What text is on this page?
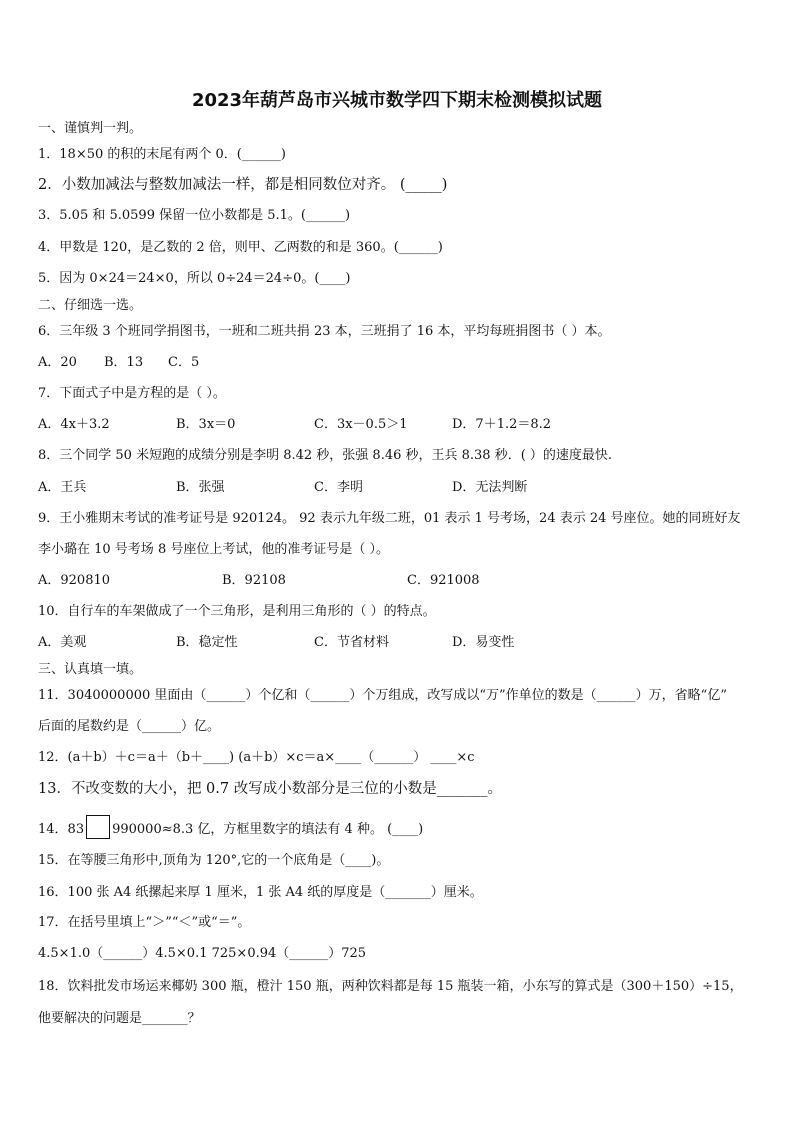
2023年葫芦岛市兴城市数学四下期末检测模拟试题
一、谨慎判一判。
1．18×50 的积的末尾有两个 0．(______)
2．小数加减法与整数加减法一样，都是相同数位对齐。 (_____)
3．5.05 和 5.0599 保留一位小数都是 5.1。(______)
4．甲数是 120，是乙数的 2 倍，则甲、乙两数的和是 360。(______)
5．因为 0×24＝24×0，所以 0÷24＝24÷0。(____)
二、仔细选一选。
6．三年级 3 个班同学捐图书，一班和二班共捐 23 本，三班捐了 16 本，平均每班捐图书（ ）本。
A．20 B．13 C．5
7．下面式子中是方程的是（ ）。
A．4x＋3.2	B．3x＝0	C．3x－0.5＞1	D．7＋1.2＝8.2
8．三个同学 50 米短跑的成绩分别是李明 8.42 秒，张强 8.46 秒，王兵 8.38 秒．( ）的速度最快.
A．王兵	B．张强	C．李明	D．无法判断
9．王小雅期末考试的准考证号是 920124。 92 表示九年级二班，01 表示 1 号考场，24 表示 24 号座位。她的同班好友
李小璐在 10 号考场 8 号座位上考试，他的准考证号是（ ）。
A．920810	B．92108	C．921008
10．自行车的车架做成了一个三角形，是利用三角形的（ ）的特点。
A．美观	B．稳定性	C．节省材料	D．易变性
三、认真填一填。
11．3040000000 里面由（______）个亿和（______）个万组成，改写成以“万”作单位的数是（______）万，省略“亿”
后面的尾数约是（______）亿。
12．(a＋b）＋c＝a＋（b＋____) (a＋b）×c＝a×____（______） ____×c
13．不改变数的大小，把 0.7 改写成小数部分是三位的小数是_______。
14．83 990000≈8.3 亿，方框里数字的填法有 4 种。 (____)
15．在等腰三角形中,顶角为 120°,它的一个底角是（____)。
16．100 张 A4 纸摞起来厚 1 厘米，1 张 A4 纸的厚度是（_______）厘米。
17．在括号里填上“＞”“＜”或“＝”。
4.5×1.0（______）4.5×0.1 725×0.94（______）725
18．饮料批发市场运来椰奶 300 瓶，橙汁 150 瓶，两种饮料都是每 15 瓶装一箱，小东写的算式是（300＋150）÷15，
他要解决的问题是_______？
